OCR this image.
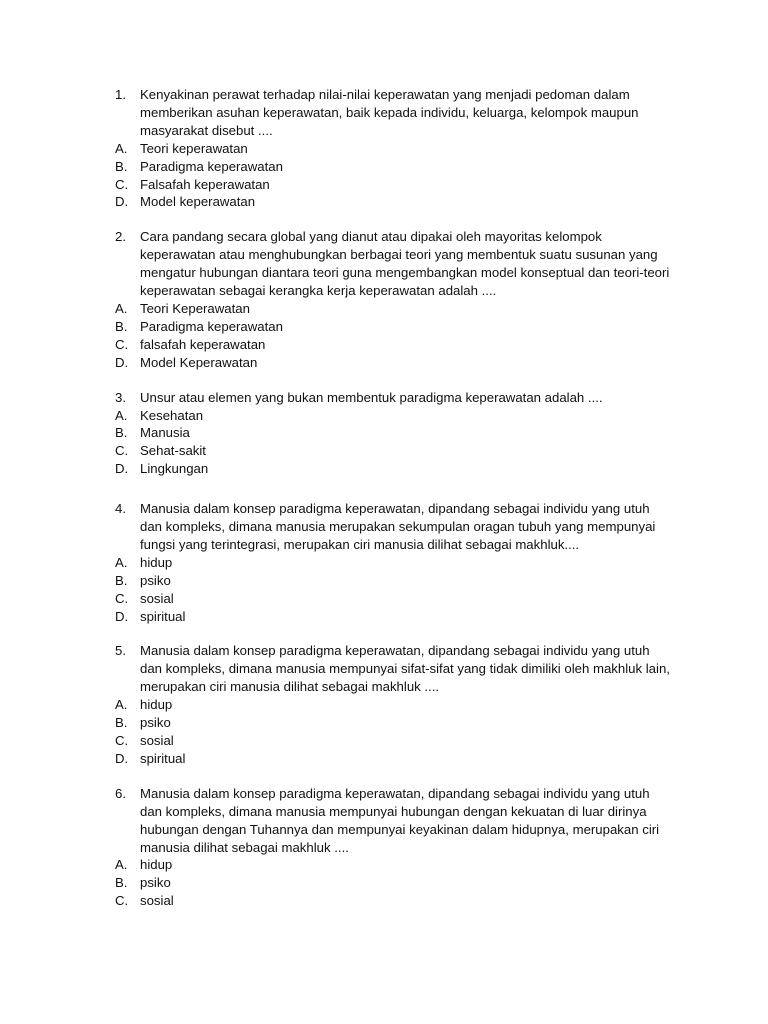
1.	Kenyakinan perawat terhadap nilai-nilai keperawatan yang menjadi pedoman dalam memberikan asuhan keperawatan, baik kepada individu, keluarga, kelompok maupun masyarakat disebut ....
A. Teori keperawatan
B. Paradigma keperawatan
C. Falsafah keperawatan
D. Model keperawatan
2.	Cara pandang secara global yang dianut atau dipakai oleh mayoritas kelompok keperawatan atau menghubungkan berbagai teori yang membentuk suatu susunan yang mengatur hubungan diantara teori guna mengembangkan model konseptual dan teori-teori keperawatan sebagai kerangka kerja keperawatan adalah ....
A. Teori Keperawatan
B. Paradigma keperawatan
C. falsafah keperawatan
D. Model Keperawatan
3.	Unsur atau elemen yang bukan membentuk paradigma keperawatan adalah ....
A. Kesehatan
B. Manusia
C. Sehat-sakit
D. Lingkungan
4.	Manusia dalam konsep paradigma keperawatan, dipandang sebagai individu yang utuh dan kompleks, dimana manusia merupakan sekumpulan oragan tubuh yang mempunyai fungsi yang terintegrasi, merupakan ciri manusia dilihat sebagai makhluk....
A. hidup
B. psiko
C. sosial
D. spiritual
5.	Manusia dalam konsep paradigma keperawatan, dipandang sebagai individu yang utuh dan kompleks, dimana manusia mempunyai sifat-sifat yang tidak dimiliki oleh makhluk lain, merupakan ciri manusia dilihat sebagai makhluk ....
A. hidup
B. psiko
C. sosial
D. spiritual
6.	Manusia dalam konsep paradigma keperawatan, dipandang sebagai individu yang utuh dan kompleks, dimana manusia mempunyai hubungan dengan kekuatan di luar dirinya hubungan dengan Tuhannya dan mempunyai keyakinan dalam hidupnya, merupakan ciri manusia dilihat sebagai makhluk ....
A. hidup
B. psiko
C. sosial
